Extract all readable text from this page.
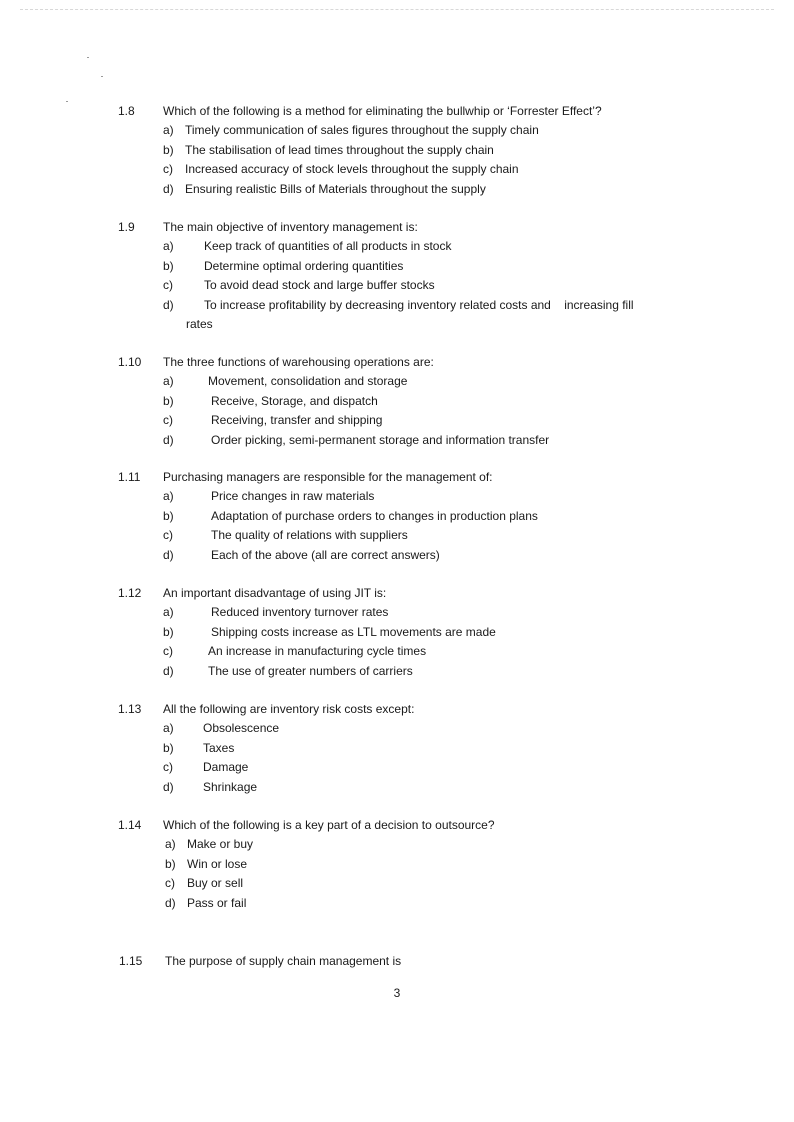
1.8 Which of the following is a method for eliminating the bullwhip or ‘Forrester Effect’?
a) Timely communication of sales figures throughout the supply chain
b) The stabilisation of lead times throughout the supply chain
c) Increased accuracy of stock levels throughout the supply chain
d) Ensuring realistic Bills of Materials throughout the supply
1.9 The main objective of inventory management is:
a)	Keep track of quantities of all products in stock
b)	Determine optimal ordering quantities
c)	To avoid dead stock and large buffer stocks
d)	To increase profitability by decreasing inventory related costs and    increasing fill
rates
1.10 The three functions of warehousing operations are:
a)	Movement, consolidation and storage
b)	Receive, Storage, and dispatch
c)	Receiving, transfer and shipping
d)	Order picking, semi-permanent storage and information transfer
1.11 Purchasing managers are responsible for the management of:
a)	Price changes in raw materials
b)	Adaptation of purchase orders to changes in production plans
c)	The quality of relations with suppliers
d)	Each of the above (all are correct answers)
1.12 An important disadvantage of using JIT is:
a)	Reduced inventory turnover rates
b)	Shipping costs increase as LTL movements are made
c)	An increase in manufacturing cycle times
d)	The use of greater numbers of carriers
1.13 All the following are inventory risk costs except:
a) Obsolescence
b) Taxes
c)	Damage
d) Shrinkage
1.14 Which of the following is a key part of a decision to outsource?
a) Make or buy
b) Win or lose
c) Buy or sell
d) Pass or fail
1.15 The purpose of supply chain management is
3
